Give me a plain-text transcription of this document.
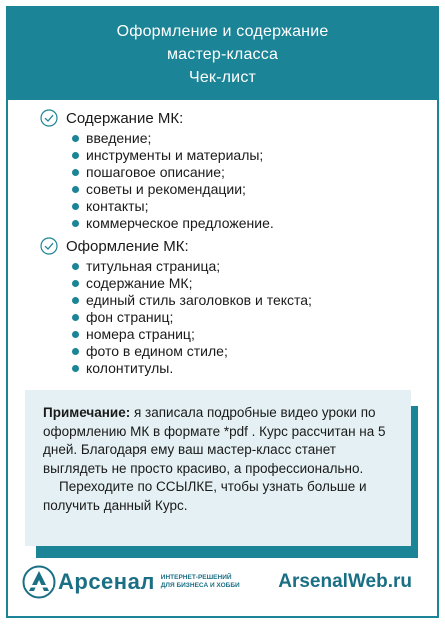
Оформление и содержание
мастер-класса
Чек-лист
Содержание МК:
введение;
инструменты и материалы;
пошаговое описание;
советы и рекомендации;
контакты;
коммерческое предложение.
Оформление МК:
титульная страница;
содержание МК;
единый стиль заголовков и текста;
фон страниц;
номера страниц;
фото в едином стиле;
колонтитулы.
Примечание: я записала подробные видео уроки по оформлению МК в формате *pdf . Курс рассчитан на 5 дней. Благодаря ему ваш мастер-класс станет выглядеть не просто красиво, а профессионально.
Переходите по ССЫЛКЕ, чтобы узнать больше и получить данный Курс.
Арсенал ИНТЕРНЕТ-РЕШЕНИЙ
ДЛЯ БИЗНЕСА И ХОББИ	ArsenalWeb.ru
